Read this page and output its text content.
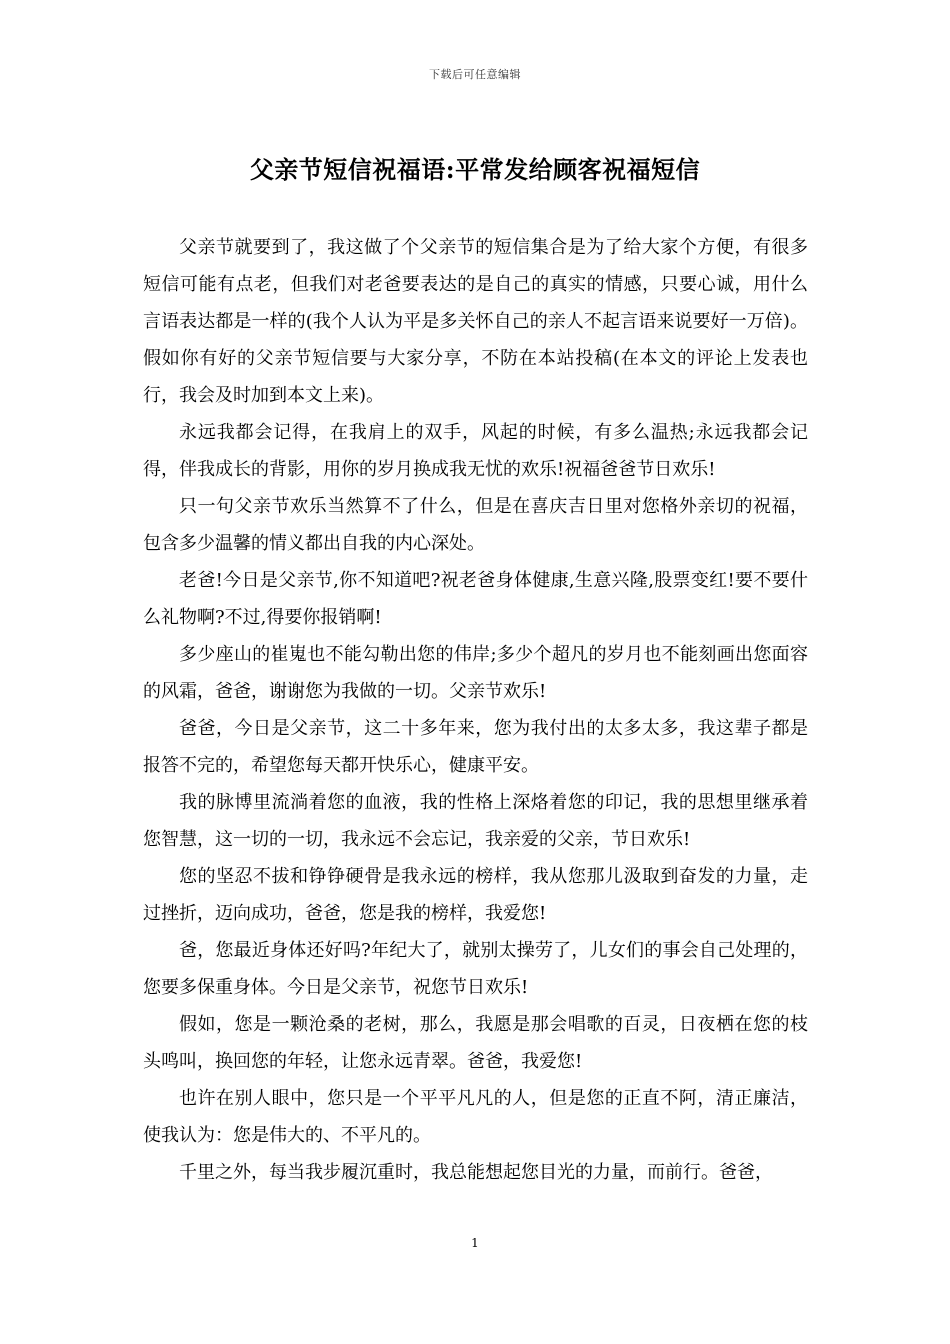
下载后可任意编辑
父亲节短信祝福语:平常发给顾客祝福短信

父亲节就要到了，我这做了个父亲节的短信集合是为了给大家个方便，有很多短信可能有点老，但我们对老爸要表达的是自己的真实的情感，只要心诚，用什么言语表达都是一样的(我个人认为平是多关怀自己的亲人不起言语来说要好一万倍)。假如你有好的父亲节短信要与大家分享，不防在本站投稿(在本文的评论上发表也行，我会及时加到本文上来)。

永远我都会记得，在我肩上的双手，风起的时候，有多么温热;永远我都会记得，伴我成长的背影，用你的岁月换成我无忧的欢乐!祝福爸爸节日欢乐!

只一句父亲节欢乐当然算不了什么，但是在喜庆吉日里对您格外亲切的祝福，包含多少温馨的情义都出自我的内心深处。

老爸!今日是父亲节,你不知道吧?祝老爸身体健康,生意兴隆,股票变红!要不要什么礼物啊?不过,得要你报销啊!

多少座山的崔嵬也不能勾勒出您的伟岸;多少个超凡的岁月也不能刻画出您面容的风霜，爸爸，谢谢您为我做的一切。父亲节欢乐!

爸爸，今日是父亲节，这二十多年来，您为我付出的太多太多，我这辈子都是报答不完的，希望您每天都开快乐心，健康平安。

我的脉博里流淌着您的血液，我的性格上深烙着您的印记，我的思想里继承着您智慧，这一切的一切，我永远不会忘记，我亲爱的父亲，节日欢乐!

您的坚忍不拔和铮铮硬骨是我永远的榜样，我从您那儿汲取到奋发的力量，走过挫折，迈向成功，爸爸，您是我的榜样，我爱您!

爸，您最近身体还好吗?年纪大了，就别太操劳了，儿女们的事会自己处理的，您要多保重身体。今日是父亲节，祝您节日欢乐!

假如，您是一颗沧桑的老树，那么，我愿是那会唱歌的百灵，日夜栖在您的枝头鸣叫，换回您的年轻，让您永远青翠。爸爸，我爱您!

也许在别人眼中，您只是一个平平凡凡的人，但是您的正直不阿，清正廉洁，使我认为：您是伟大的、不平凡的。

千里之外，每当我步履沉重时，我总能想起您目光的力量，而前行。爸爸，

1
